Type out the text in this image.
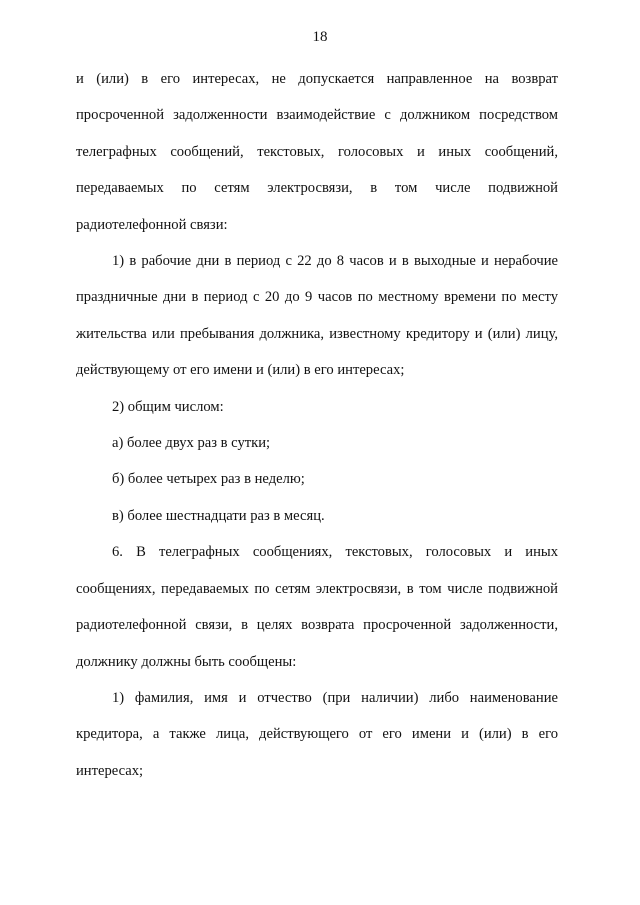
18
и (или) в его интересах, не допускается направленное на возврат
просроченной задолженности взаимодействие с должником посредством
телеграфных сообщений, текстовых, голосовых и иных сообщений,
передаваемых по сетям электросвязи, в том числе подвижной
радиотелефонной связи:
1) в рабочие дни в период с 22 до 8 часов и в выходные и нерабочие
праздничные дни в период с 20 до 9 часов по местному времени по месту
жительства или пребывания должника, известному кредитору и (или) лицу,
действующему от его имени и (или) в его интересах;
2) общим числом:
а) более двух раз в сутки;
б) более четырех раз в неделю;
в) более шестнадцати раз в месяц.
6. В телеграфных сообщениях, текстовых, голосовых и иных
сообщениях, передаваемых по сетям электросвязи, в том числе подвижной
радиотелефонной связи, в целях возврата просроченной задолженности,
должнику должны быть сообщены:
1) фамилия, имя и отчество (при наличии) либо наименование
кредитора, а также лица, действующего от его имени и (или) в его
интересах;
